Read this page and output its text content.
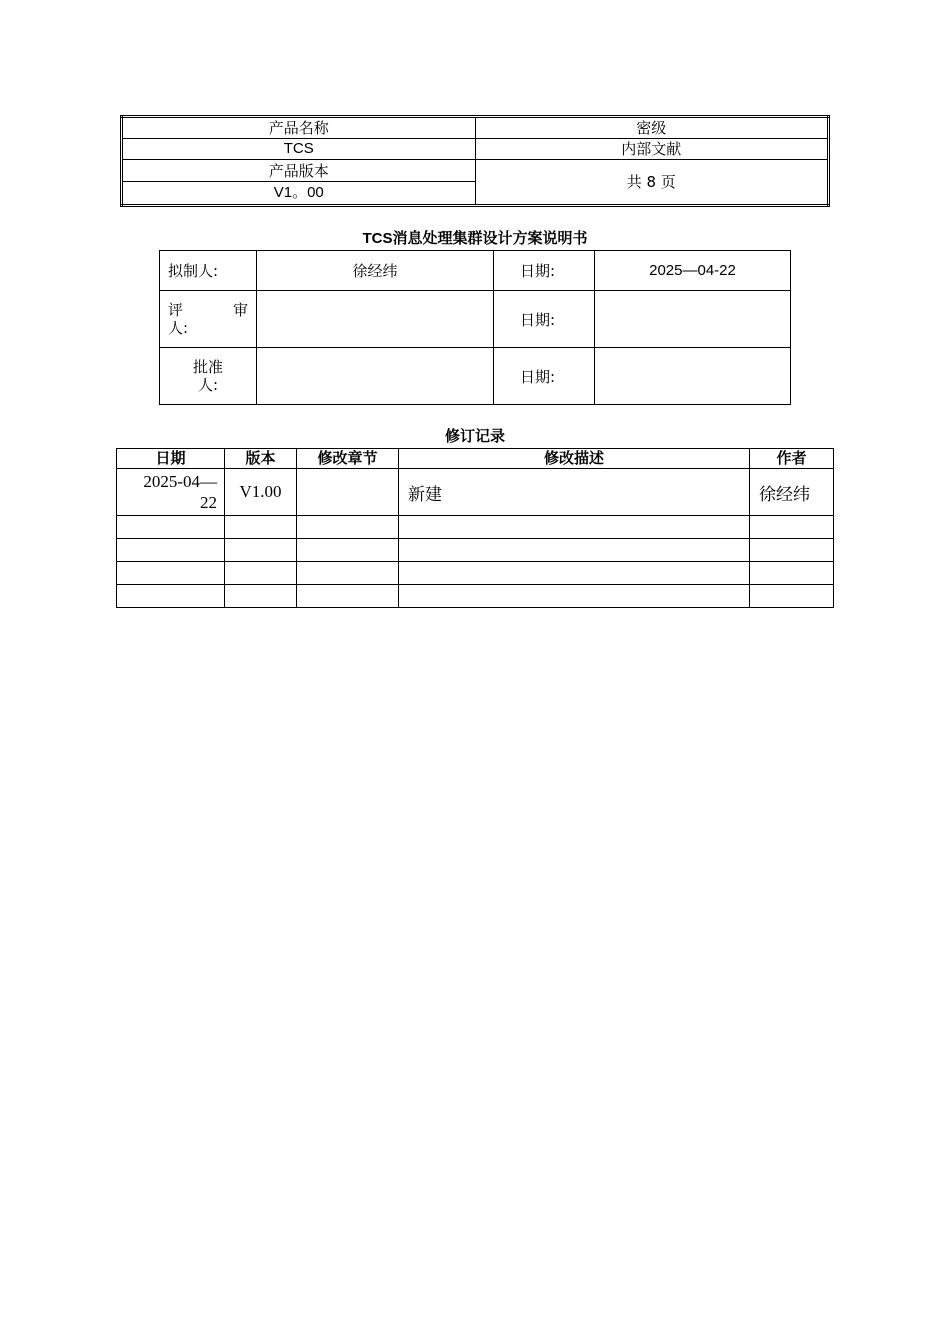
产品名称	密级
TCS	内部文献
产品版本	共 8 页
V1。00	
TCS消息处理集群设计方案说明书
拟制人:	徐经纬	日期:	2025—04-22

评 审
人:		日期:	

批准
人:		日期:	
修订记录
日期	版本	修改章节	修改描述	作者

2025-04—
22	V1.00		新建	徐经纬
